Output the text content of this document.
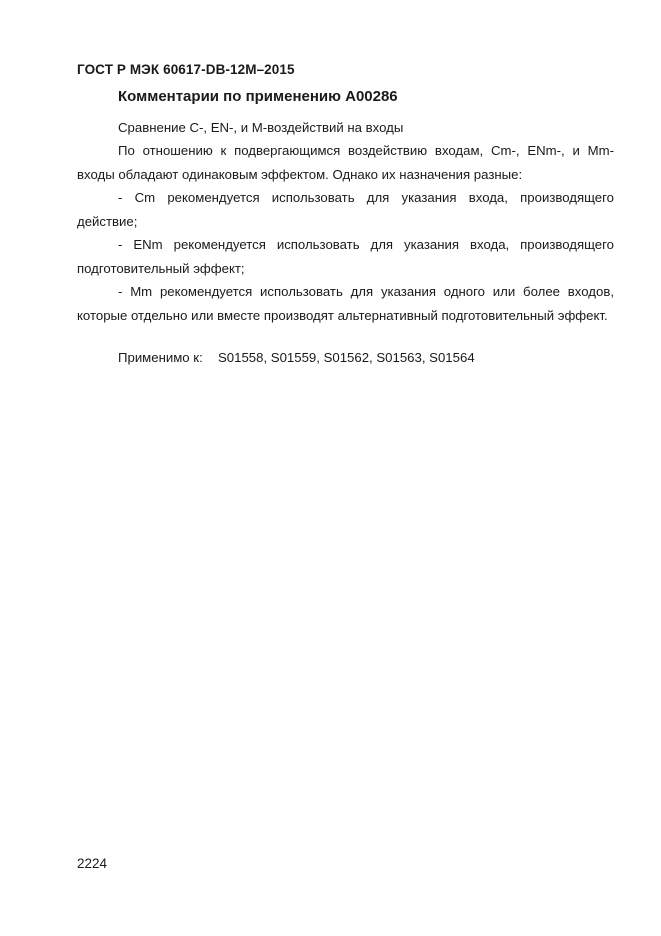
ГОСТ Р МЭК 60617-DB-12M–2015
Комментарии по применению A00286
Сравнение C-, EN-, и M-воздействий на входы

По отношению к подвергающимся воздействию входам, Cm-, ENm-, и Mm-входы обладают одинаковым эффектом. Однако их назначения разные:

- Cm рекомендуется использовать для указания входа, производящего действие;

- ENm рекомендуется использовать для указания входа, производящего подготовительный эффект;

- Mm рекомендуется использовать для указания одного или более входов, которые отдельно или вместе производят альтернативный подготовительный эффект.

Применимо к: S01558, S01559, S01562, S01563, S01564
2224
